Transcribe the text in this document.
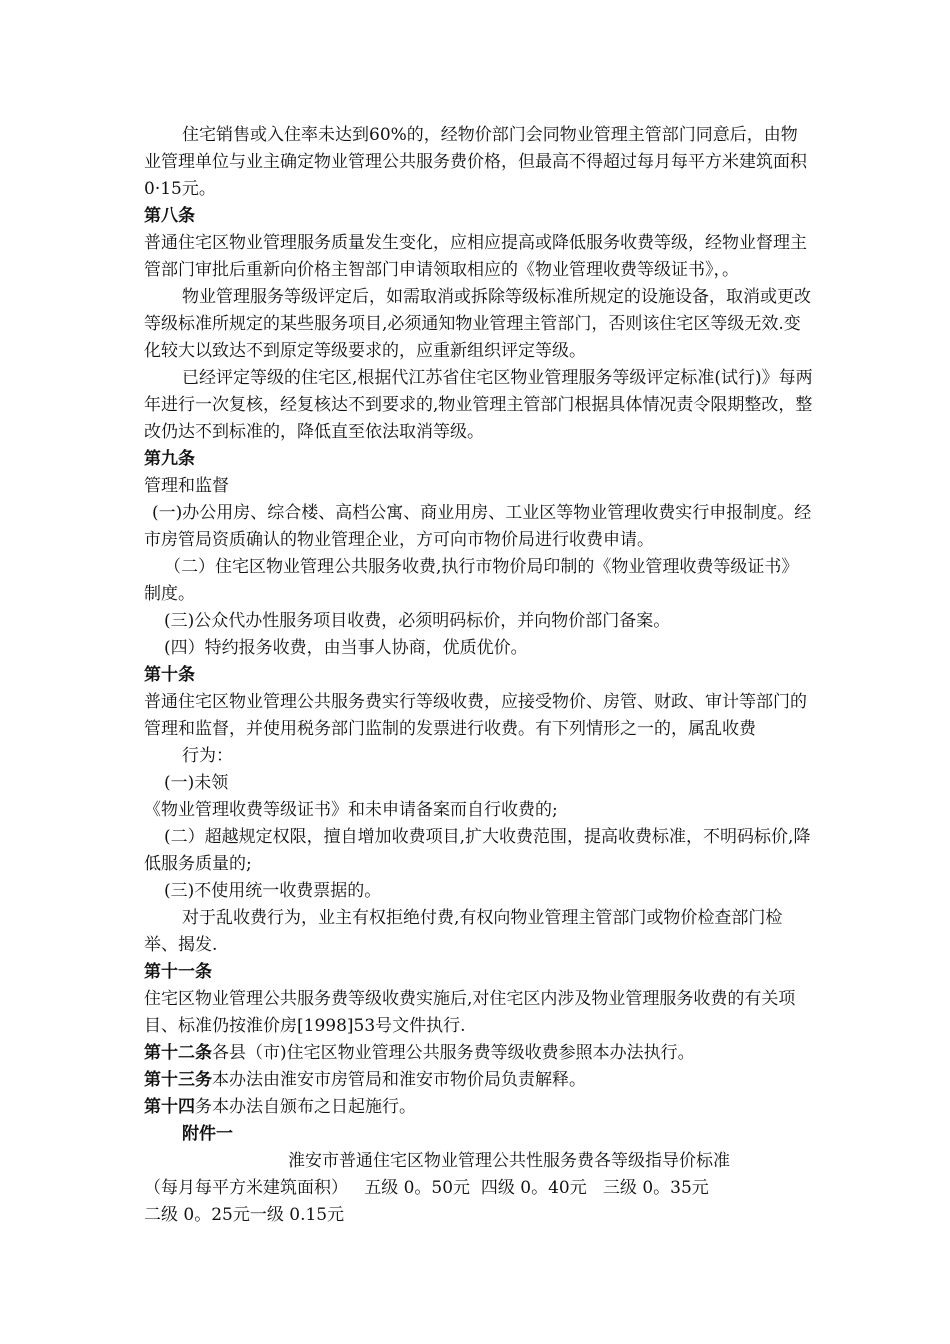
住宅销售或入住率未达到60%的，经物价部门会同物业管理主管部门同意后，由物业管理单位与业主确定物业管理公共服务费价格，但最高不得超过每月每平方米建筑面积0·15元。

第八条

普通住宅区物业管理服务质量发生变化，应相应提高或降低服务收费等级，经物业督理主管部门审批后重新向价格主智部门申请领取相应的《物业管理收费等级证书》，。

物业管理服务等级评定后，如需取消或拆除等级标准所规定的设施设备，取消或更改等级标准所规定的某些服务项目,必须通知物业管理主管部门，否则该住宅区等级无效.变化较大以致达不到原定等级要求的，应重新组织评定等级。

已经评定等级的住宅区,根据代江苏省住宅区物业管理服务等级评定标准(试行)》每两年进行一次复核，经复核达不到要求的,物业管理主管部门根据具体情况责令限期整改，整改仍达不到标准的，降低直至依法取消等级。

第九条

管理和监督

(一)办公用房、综合楼、高档公寓、商业用房、工业区等物业管理收费实行申报制度。经市房管局资质确认的物业管理企业，方可向市物价局进行收费申请。

（二）住宅区物业管理公共服务收费,执行市物价局印制的《物业管理收费等级证书》制度。

(三)公众代办性服务项目收费，必须明码标价，并向物价部门备案。

(四）特约报务收费，由当事人协商，优质优价。

第十条

普通住宅区物业管理公共服务费实行等级收费，应接受物价、房管、财政、审计等部门的管理和监督，并使用税务部门监制的发票进行收费。有下列情形之一的，属乱收费

行为：

(一)未领

《物业管理收费等级证书》和未申请备案而自行收费的;

(二）超越规定权限，擅自增加收费项目,扩大收费范围，提高收费标准，不明码标价,降低服务质量的;

(三)不使用统一收费票据的。

对于乱收费行为，业主有权拒绝付费,有权向物业管理主管部门或物价检查部门检举、揭发.

第十一条

住宅区物业管理公共服务费等级收费实施后,对住宅区内涉及物业管理服务收费的有关项目、标准仍按淮价房[1998]53号文件执行.

第十二条各县（市)住宅区物业管理公共服务费等级收费参照本办法执行。

第十三务本办法由淮安市房管局和淮安市物价局负责解释。

第十四务本办法自颁布之日起施行。

附件一

淮安市普通住宅区物业管理公共性服务费各等级指导价标准

（每月每平方米建筑面积）   五级 0。50元  四级 0。40元   三级 0。35元

二级 0。25元一级 0.15元
